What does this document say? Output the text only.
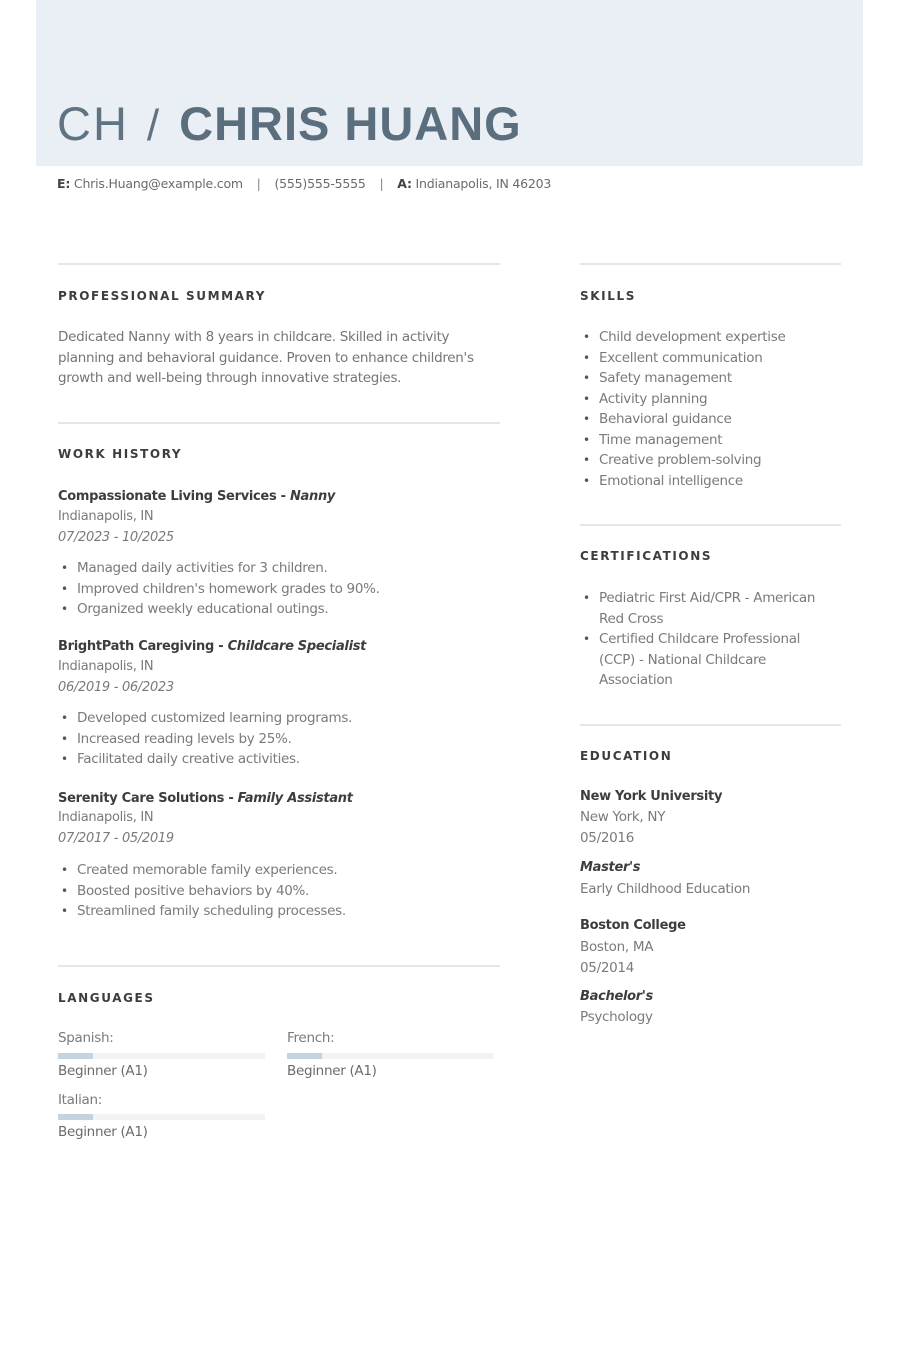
CH / CHRIS HUANG
E: Chris.Huang@example.com | (555)555-5555 | A: Indianapolis, IN 46203
PROFESSIONAL SUMMARY
Dedicated Nanny with 8 years in childcare. Skilled in activity
planning and behavioral guidance. Proven to enhance children's
growth and well-being through innovative strategies.
WORK HISTORY
Compassionate Living Services - Nanny
Indianapolis, IN
07/2023 - 10/2025
• Managed daily activities for 3 children.
• Improved children's homework grades to 90%.
• Organized weekly educational outings.
BrightPath Caregiving - Childcare Specialist
Indianapolis, IN
06/2019 - 06/2023
• Developed customized learning programs.
• Increased reading levels by 25%.
• Facilitated daily creative activities.
Serenity Care Solutions - Family Assistant
Indianapolis, IN
07/2017 - 05/2019
• Created memorable family experiences.
• Boosted positive behaviors by 40%.
• Streamlined family scheduling processes.
LANGUAGES
Spanish:
Beginner (A1)
French:
Beginner (A1)
Italian:
Beginner (A1)
SKILLS
• Child development expertise
• Excellent communication
• Safety management
• Activity planning
• Behavioral guidance
• Time management
• Creative problem-solving
• Emotional intelligence
CERTIFICATIONS
• Pediatric First Aid/CPR - American Red Cross
• Certified Childcare Professional (CCP) - National Childcare Association
EDUCATION
New York University
New York, NY
05/2016
Master's
Early Childhood Education
Boston College
Boston, MA
05/2014
Bachelor's
Psychology
